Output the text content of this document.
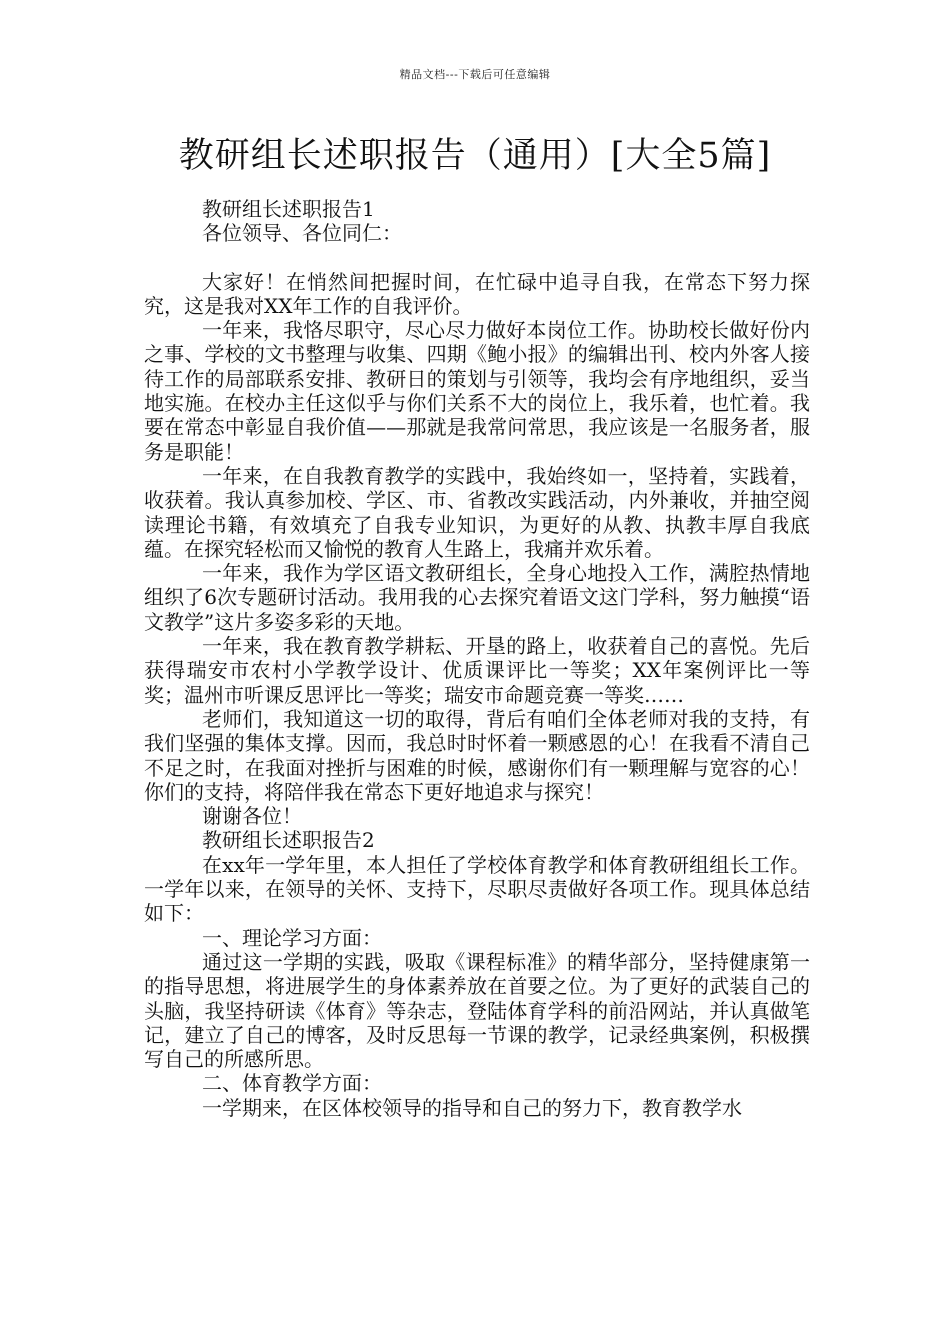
精品文档---下载后可任意编辑
教研组长述职报告（通用）[大全5篇]

教研组长述职报告1

各位领导、各位同仁：

大家好！在悄然间把握时间，在忙碌中追寻自我，在常态下努力探究，这是我对XX年工作的自我评价。

一年来，我恪尽职守，尽心尽力做好本岗位工作。协助校长做好份内之事、学校的文书整理与收集、四期《鲍小报》的编辑出刊、校内外客人接待工作的局部联系安排、教研日的策划与引领等，我均会有序地组织，妥当地实施。在校办主任这似乎与你们关系不大的岗位上，我乐着，也忙着。我要在常态中彰显自我价值——那就是我常问常思，我应该是一名服务者，服务是职能！

一年来，在自我教育教学的实践中，我始终如一，坚持着，实践着，收获着。我认真参加校、学区、市、省教改实践活动，内外兼收，并抽空阅读理论书籍，有效填充了自我专业知识，为更好的从教、执教丰厚自我底蕴。在探究轻松而又愉悦的教育人生路上，我痛并欢乐着。

一年来，我作为学区语文教研组长，全身心地投入工作，满腔热情地组织了6次专题研讨活动。我用我的心去探究着语文这门学科，努力触摸“语文教学”这片多姿多彩的天地。

一年来，我在教育教学耕耘、开垦的路上，收获着自己的喜悦。先后获得瑞安市农村小学教学设计、优质课评比一等奖；XX年案例评比一等奖；温州市听课反思评比一等奖；瑞安市命题竞赛一等奖……

老师们，我知道这一切的取得，背后有咱们全体老师对我的支持，有我们坚强的集体支撑。因而，我总时时怀着一颗感恩的心！在我看不清自己不足之时，在我面对挫折与困难的时候，感谢你们有一颗理解与宽容的心！你们的支持，将陪伴我在常态下更好地追求与探究！

谢谢各位！

教研组长述职报告2

在xx年一学年里，本人担任了学校体育教学和体育教研组组长工作。一学年以来，在领导的关怀、支持下，尽职尽责做好各项工作。现具体总结如下：

一、理论学习方面：

通过这一学期的实践，吸取《课程标准》的精华部分，坚持健康第一的指导思想，将进展学生的身体素养放在首要之位。为了更好的武装自己的头脑，我坚持研读《体育》等杂志，登陆体育学科的前沿网站，并认真做笔记，建立了自己的博客，及时反思每一节课的教学，记录经典案例，积极撰写自己的所感所思。

二、体育教学方面：

一学期来，在区体校领导的指导和自己的努力下，教育教学水
